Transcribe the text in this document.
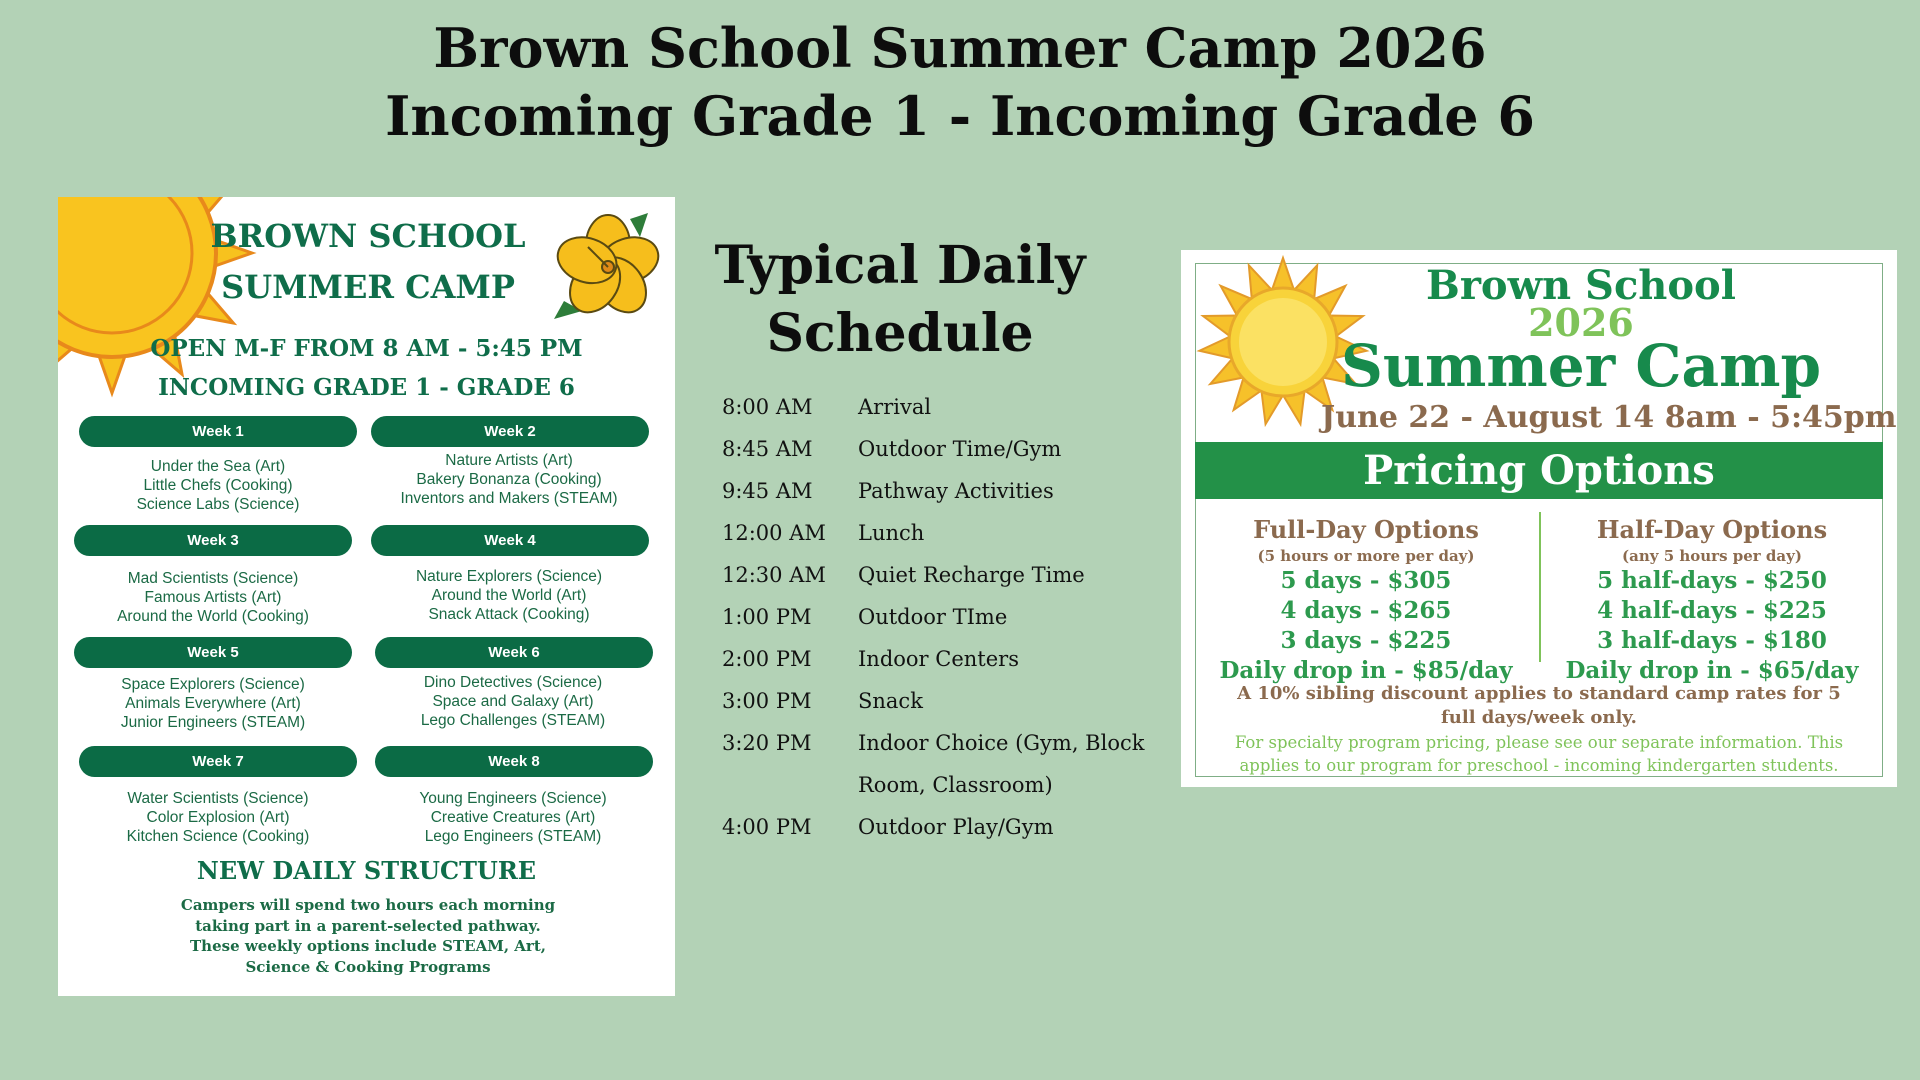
Brown School Summer Camp 2026
Incoming Grade 1 - Incoming Grade 6
BROWN SCHOOL
SUMMER CAMP
OPEN M-F FROM 8 AM - 5:45 PM
INCOMING GRADE 1 - GRADE 6
Week 1
Under the Sea (Art)
Little Chefs (Cooking)
Science Labs (Science)
Week 2
Nature Artists (Art)
Bakery Bonanza (Cooking)
Inventors and Makers (STEAM)
Week 3
Mad Scientists (Science)
Famous Artists (Art)
Around the World (Cooking)
Week 4
Nature Explorers (Science)
Around the World (Art)
Snack Attack (Cooking)
Week 5
Space Explorers (Science)
Animals Everywhere (Art)
Junior Engineers (STEAM)
Week 6
Dino Detectives (Science)
Space and Galaxy (Art)
Lego Challenges (STEAM)
Week 7
Water Scientists (Science)
Color Explosion (Art)
Kitchen Science (Cooking)
Week 8
Young Engineers (Science)
Creative Creatures (Art)
Lego Engineers (STEAM)
NEW DAILY STRUCTURE
Campers will spend two hours each morning taking part in a parent-selected pathway. These weekly options include STEAM, Art, Science & Cooking Programs
Typical Daily
Schedule
8:00 AM	Arrival
8:45 AM	Outdoor Time/Gym
9:45 AM	Pathway Activities
12:00 AM	Lunch
12:30 AM	Quiet Recharge Time
1:00 PM	Outdoor TIme
2:00 PM	Indoor Centers
3:00 PM	Snack
3:20 PM	Indoor Choice (Gym, Block
Room, Classroom)
4:00 PM	Outdoor Play/Gym
Brown School
2026
Summer Camp
June 22 - August 14 8am - 5:45pm
Pricing Options
Full-Day Options
(5 hours or more per day)
5 days - $305
4 days - $265
3 days - $225
Daily drop in - $85/day
Half-Day Options
(any 5 hours per day)
5 half-days - $250
4 half-days - $225
3 half-days - $180
Daily drop in - $65/day
A 10% sibling discount applies to standard camp rates for 5 full days/week only.
For specialty program pricing, please see our separate information. This applies to our program for preschool - incoming kindergarten students.
